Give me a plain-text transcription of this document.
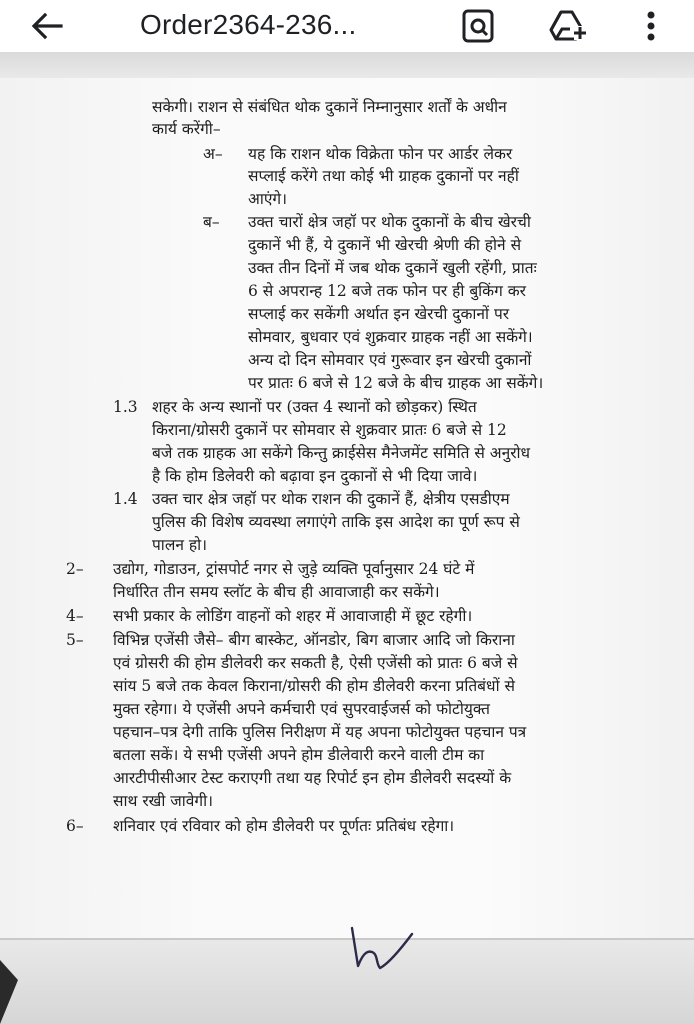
Order2364-236...
सकेगी। राशन से संबंधित थोक दुकानें निम्नानुसार शर्तों के अधीन
कार्य करेंगी–
अ– यह कि राशन थोक विक्रेता फोन पर आर्डर लेकर
सप्लाई करेंगे तथा कोई भी ग्राहक दुकानों पर नहीं
आएंगे।
ब– उक्त चारों क्षेत्र जहॉ पर थोक दुकानों के बीच खेरची
दुकानें भी हैं, ये दुकानें भी खेरची श्रेणी की होने से
उक्त तीन दिनों में जब थोक दुकानें खुली रहेंगी, प्रातः
6 से अपरान्ह 12 बजे तक फोन पर ही बुकिंग कर
सप्लाई कर सकेंगी अर्थात इन खेरची दुकानों पर
सोमवार, बुधवार एवं शुक्रवार ग्राहक नहीं आ सकेंगे।
अन्य दो दिन सोमवार एवं गुरूवार इन खेरची दुकानों
पर प्रातः 6 बजे से 12 बजे के बीच ग्राहक आ सकेंगे।
1.3 शहर के अन्य स्थानों पर (उक्त 4 स्थानों को छोड़कर) स्थित
किराना/ग्रोसरी दुकानें पर सोमवार से शुक्रवार प्रातः 6 बजे से 12
बजे तक ग्राहक आ सकेंगे किन्तु क्राईसेस मैनेजमेंट समिति से अनुरोध
है कि होम डिलेवरी को बढ़ावा इन दुकानों से भी दिया जावे।
1.4 उक्त चार क्षेत्र जहॉ पर थोक राशन की दुकानें हैं, क्षेत्रीय एसडीएम
पुलिस की विशेष व्यवस्था लगाएंगे ताकि इस आदेश का पूर्ण रूप से
पालन हो।
2– उद्योग, गोडाउन, ट्रांसपोर्ट नगर से जुड़े व्यक्ति पूर्वानुसार 24 घंटे में
निर्धारित तीन समय स्लॉट के बीच ही आवाजाही कर सकेंगे।
4– सभी प्रकार के लोडिंग वाहनों को शहर में आवाजाही में छूट रहेगी।
5– विभिन्न एजेंसी जैसे– बीग बास्केट, ऑनडोर, बिग बाजार आदि जो किराना
एवं ग्रोसरी की होम डीलेवरी कर सकती है, ऐसी एजेंसी को प्रातः 6 बजे से
सांय 5 बजे तक केवल किराना/ग्रोसरी की होम डीलेवरी करना प्रतिबंधों से
मुक्त रहेगा। ये एजेंसी अपने कर्मचारी एवं सुपरवाईजर्स को फोटोयुक्त
पहचान–पत्र देगी ताकि पुलिस निरीक्षण में यह अपना फोटोयुक्त पहचान पत्र
बतला सकें। ये सभी एजेंसी अपने होम डीलेवारी करने वाली टीम का
आरटीपीसीआर टेस्ट कराएगी तथा यह रिपोर्ट इन होम डीलेवरी सदस्यों के
साथ रखी जावेगी।
6– शनिवार एवं रविवार को होम डीलेवरी पर पूर्णतः प्रतिबंध रहेगा।
